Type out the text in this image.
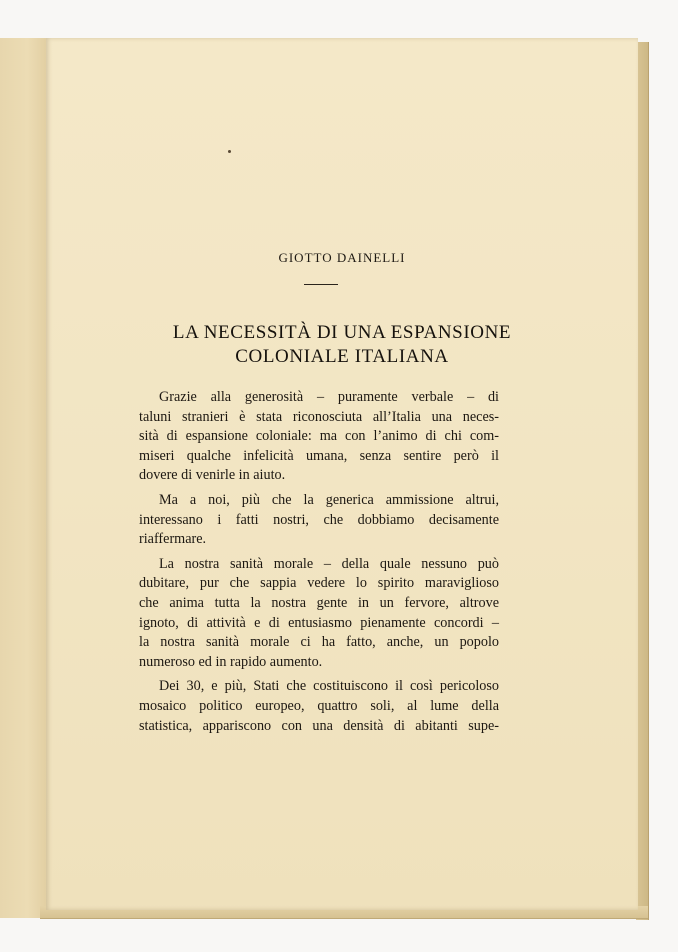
GIOTTO DAINELLI
LA NECESSITÀ DI UNA ESPANSIONE
COLONIALE ITALIANA
Grazie alla generosità – puramente verbale – di
taluni stranieri è stata riconosciuta all’Italia una neces-
sità di espansione coloniale: ma con l’animo di chi com-
miseri qualche infelicità umana, senza sentire però il
dovere di venirle in aiuto.
Ma a noi, più che la generica ammissione altrui,
interessano i fatti nostri, che dobbiamo decisamente
riaffermare.
La nostra sanità morale – della quale nessuno può
dubitare, pur che sappia vedere lo spirito maraviglioso
che anima tutta la nostra gente in un fervore, altrove
ignoto, di attività e di entusiasmo pienamente concordi –
la nostra sanità morale ci ha fatto, anche, un popolo
numeroso ed in rapido aumento.
Dei 30, e più, Stati che costituiscono il così pericoloso
mosaico politico europeo, quattro soli, al lume della
statistica, appariscono con una densità di abitanti supe-
